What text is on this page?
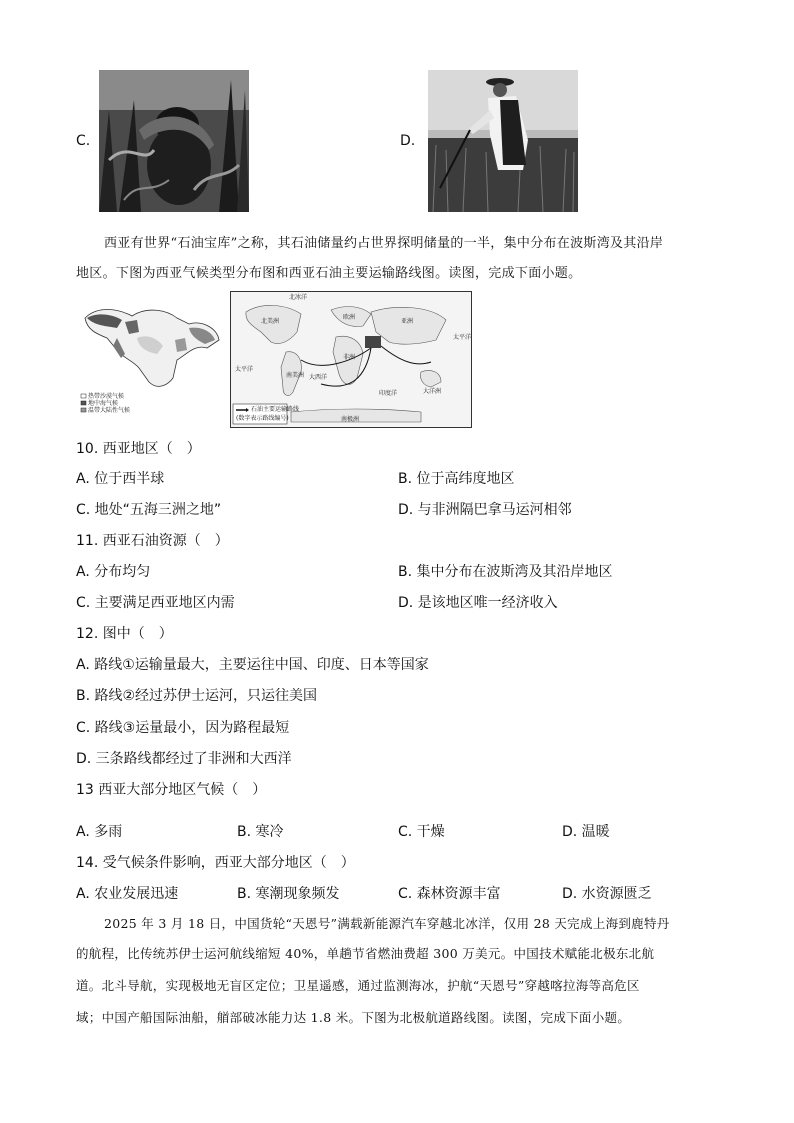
C.	D.
西亚有世界“石油宝库”之称，其石油储量约占世界探明储量的一半，集中分布在波斯湾及其沿岸
地区。下图为西亚气候类型分布图和西亚石油主要运输路线图。读图，完成下面小题。
热带沙漠气候
地中海气候
温带大陆性气候
北冰洋
太平洋
太平洋
大西洋
印度洋
欧洲
亚洲
非洲
北美洲
南美洲
大洋洲
南极洲
石油主要运输路线
(数字表示路线编号)
10. 西亚地区（　）
A. 位于西半球	B. 位于高纬度地区
C. 地处“五海三洲之地”	D. 与非洲隔巴拿马运河相邻
11. 西亚石油资源（　）
A. 分布均匀	B. 集中分布在波斯湾及其沿岸地区
C. 主要满足西亚地区内需	D. 是该地区唯一经济收入
12. 图中（　）
A. 路线①运输量最大，主要运往中国、印度、日本等国家
B. 路线②经过苏伊士运河，只运往美国
C. 路线③运量最小，因为路程最短
D. 三条路线都经过了非洲和大西洋
13 西亚大部分地区气候（　）
A. 多雨	B. 寒冷	C. 干燥	D. 温暖
14. 受气候条件影响，西亚大部分地区（　）
A. 农业发展迅速	B. 寒潮现象频发	C. 森林资源丰富	D. 水资源匮乏
2025 年 3 月 18 日，中国货轮“天恩号”满载新能源汽车穿越北冰洋，仅用 28 天完成上海到鹿特丹
的航程，比传统苏伊士运河航线缩短 40%，单趟节省燃油费超 300 万美元。中国技术赋能北极东北航
道。北斗导航，实现极地无盲区定位；卫星遥感，通过监测海冰，护航“天恩号”穿越喀拉海等高危区
域；中国产船国际油船，艏部破冰能力达 1.8 米。下图为北极航道路线图。读图，完成下面小题。
